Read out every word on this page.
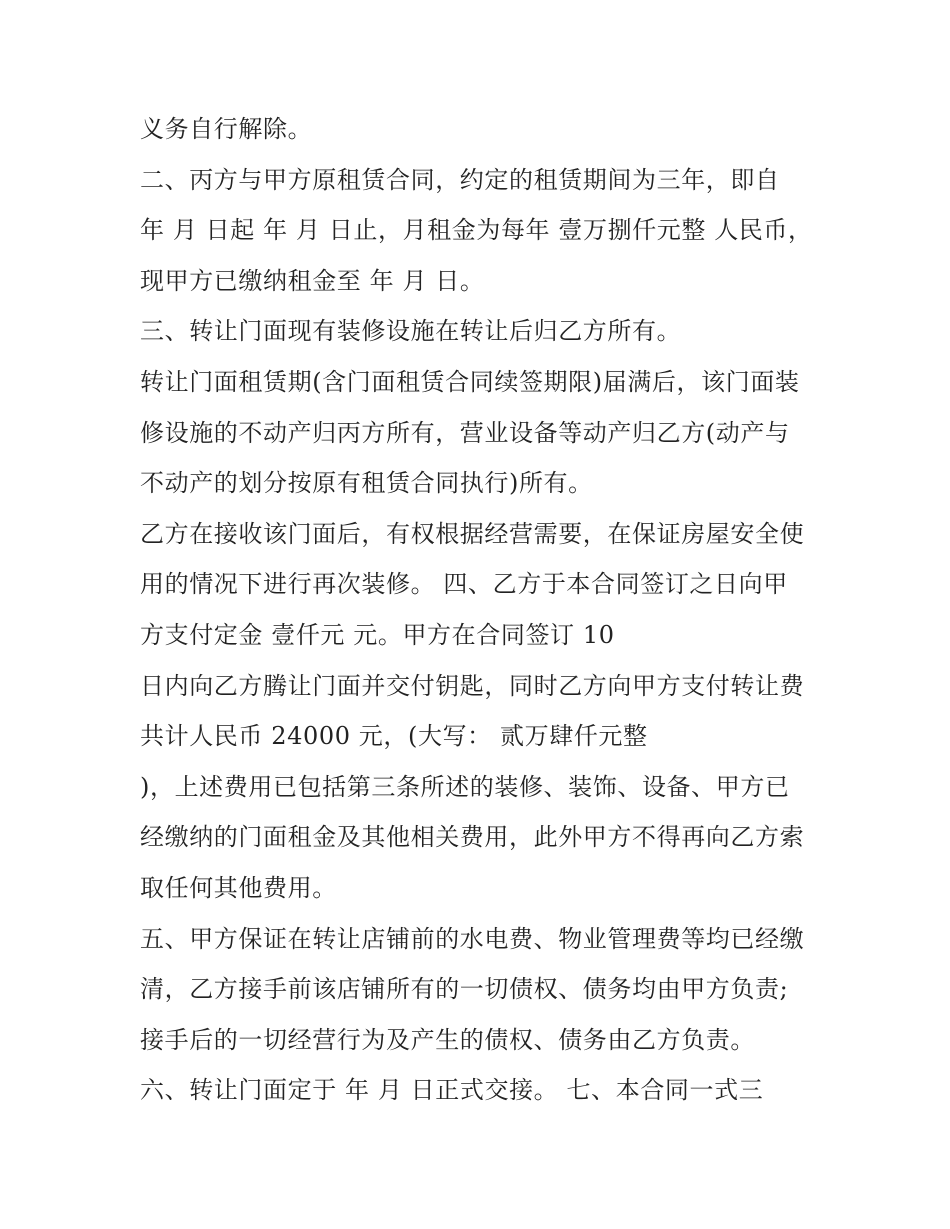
义务自行解除。

二、丙方与甲方原租赁合同，约定的租赁期间为三年，即自

年 月 日起 年 月 日止，月租金为每年 壹万捌仟元整 人民币，

现甲方已缴纳租金至 年 月 日。

三、转让门面现有装修设施在转让后归乙方所有。

转让门面租赁期(含门面租赁合同续签期限)届满后，该门面装

修设施的不动产归丙方所有，营业设备等动产归乙方(动产与

不动产的划分按原有租赁合同执行)所有。

乙方在接收该门面后，有权根据经营需要，在保证房屋安全使

用的情况下进行再次装修。 四、乙方于本合同签订之日向甲

方支付定金 壹仟元 元。甲方在合同签订 10

日内向乙方腾让门面并交付钥匙，同时乙方向甲方支付转让费

共计人民币 24000 元，(大写： 贰万肆仟元整

)，上述费用已包括第三条所述的装修、装饰、设备、甲方已

经缴纳的门面租金及其他相关费用，此外甲方不得再向乙方索

取任何其他费用。

五、甲方保证在转让店铺前的水电费、物业管理费等均已经缴

清，乙方接手前该店铺所有的一切债权、债务均由甲方负责;

接手后的一切经营行为及产生的债权、债务由乙方负责。

六、转让门面定于 年 月 日正式交接。 七、本合同一式三
